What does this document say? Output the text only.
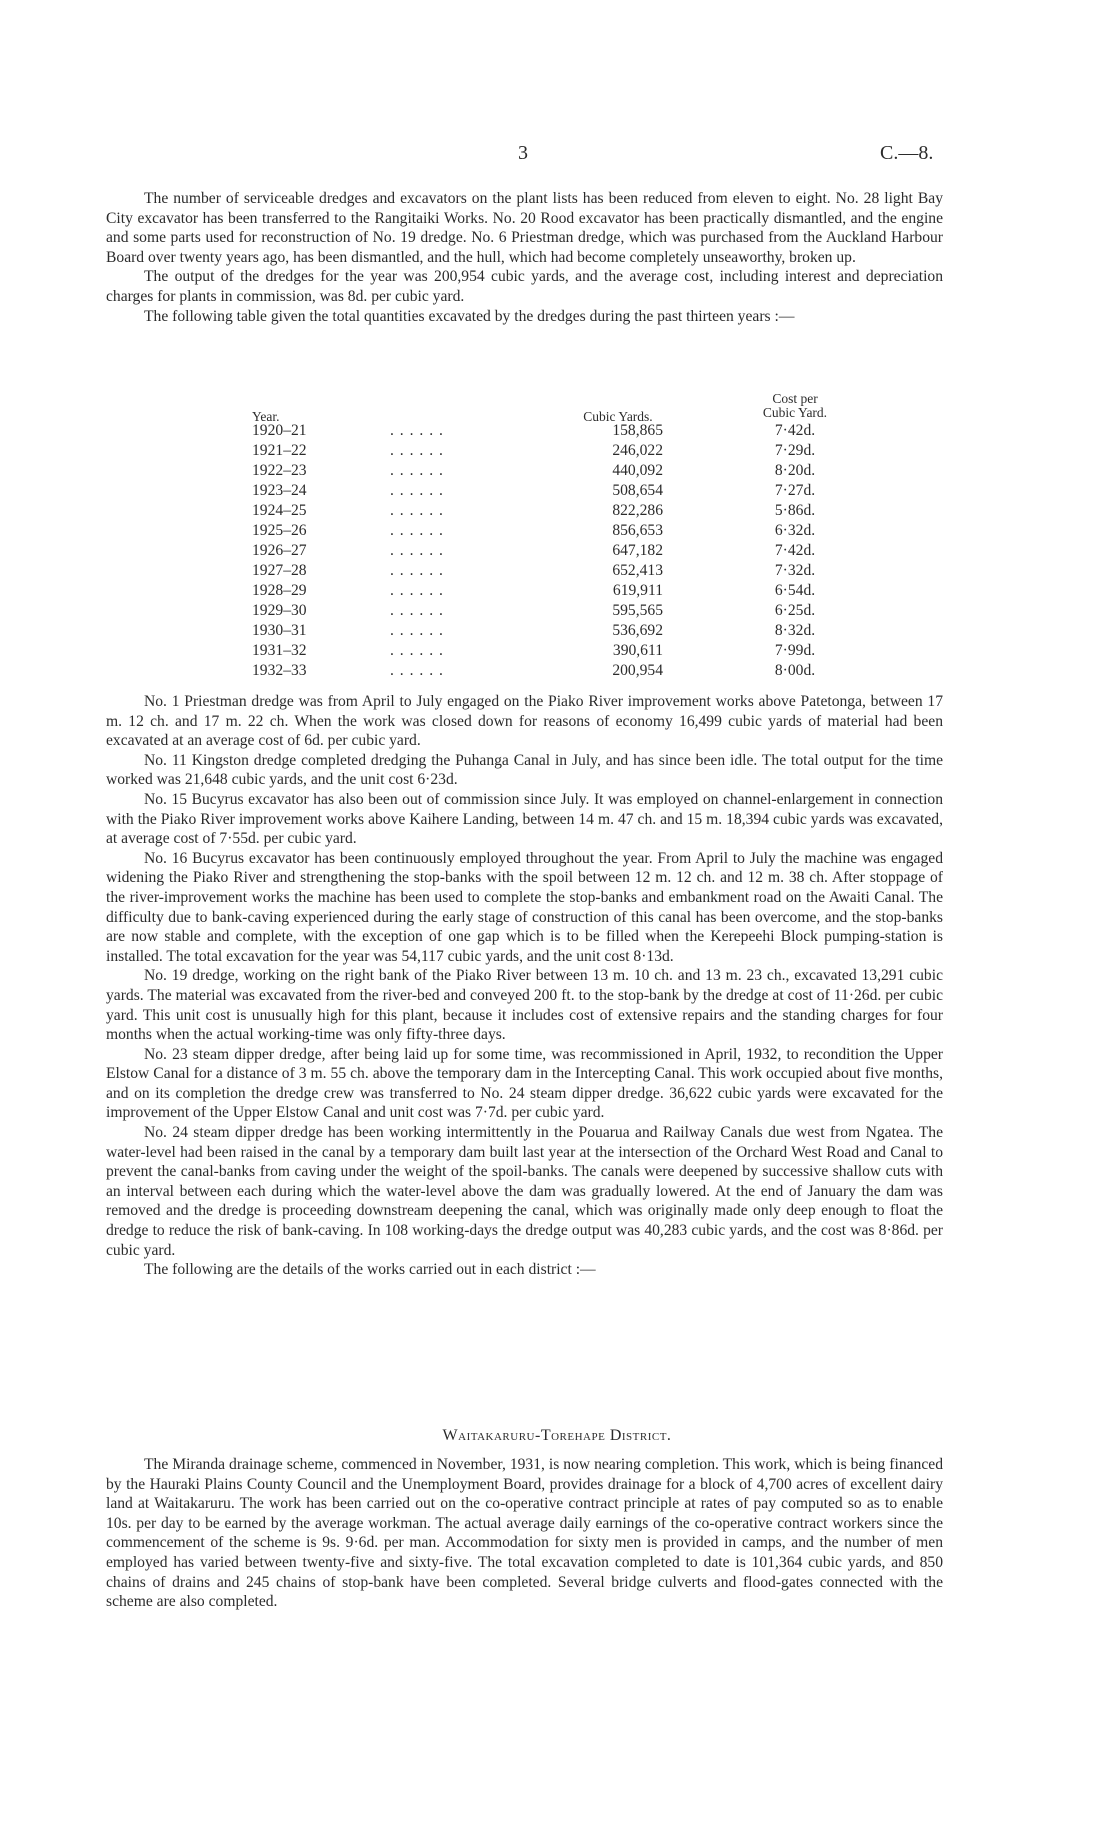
3	C.—8.

The number of serviceable dredges and excavators on the plant lists has been reduced from eleven to eight. No. 28 light Bay City excavator has been transferred to the Rangitaiki Works. No. 20 Rood excavator has been practically dismantled, and the engine and some parts used for reconstruction of No. 19 dredge. No. 6 Priestman dredge, which was purchased from the Auckland Harbour Board over twenty years ago, has been dismantled, and the hull, which had become completely unseaworthy, broken up.

The output of the dredges for the year was 200,954 cubic yards, and the average cost, including interest and depreciation charges for plants in commission, was 8d. per cubic yard.

The following table given the total quantities excavated by the dredges during the past thirteen years :—

Year.	Cubic Yards.
Cost per
Cubic Yard.
1920–21	. . . . . .	158,865	7·42d.
1921–22	. . . . . .	246,022	7·29d.
1922–23	. . . . . .	440,092	8·20d.
1923–24	. . . . . .	508,654	7·27d.
1924–25	. . . . . .	822,286	5·86d.
1925–26	. . . . . .	856,653	6·32d.
1926–27	. . . . . .	647,182	7·42d.
1927–28	. . . . . .	652,413	7·32d.
1928–29	. . . . . .	619,911	6·54d.
1929–30	. . . . . .	595,565	6·25d.
1930–31	. . . . . .	536,692	8·32d.
1931–32	. . . . . .	390,611	7·99d.
1932–33	. . . . . .	200,954	8·00d.

No. 1 Priestman dredge was from April to July engaged on the Piako River improvement works above Patetonga, between 17 m. 12 ch. and 17 m. 22 ch. When the work was closed down for reasons of economy 16,499 cubic yards of material had been excavated at an average cost of 6d. per cubic yard.

No. 11 Kingston dredge completed dredging the Puhanga Canal in July, and has since been idle. The total output for the time worked was 21,648 cubic yards, and the unit cost 6·23d.

No. 15 Bucyrus excavator has also been out of commission since July. It was employed on channel-enlargement in connection with the Piako River improvement works above Kaihere Landing, between 14 m. 47 ch. and 15 m. 18,394 cubic yards was excavated, at average cost of 7·55d. per cubic yard.

No. 16 Bucyrus excavator has been continuously employed throughout the year. From April to July the machine was engaged widening the Piako River and strengthening the stop-banks with the spoil between 12 m. 12 ch. and 12 m. 38 ch. After stoppage of the river-improvement works the machine has been used to complete the stop-banks and embankment road on the Awaiti Canal. The difficulty due to bank-caving experienced during the early stage of construction of this canal has been overcome, and the stop-banks are now stable and complete, with the exception of one gap which is to be filled when the Kerepeehi Block pumping-station is installed. The total excavation for the year was 54,117 cubic yards, and the unit cost 8·13d.

No. 19 dredge, working on the right bank of the Piako River between 13 m. 10 ch. and 13 m. 23 ch., excavated 13,291 cubic yards. The material was excavated from the river-bed and conveyed 200 ft. to the stop-bank by the dredge at cost of 11·26d. per cubic yard. This unit cost is unusually high for this plant, because it includes cost of extensive repairs and the standing charges for four months when the actual working-time was only fifty-three days.

No. 23 steam dipper dredge, after being laid up for some time, was recommissioned in April, 1932, to recondition the Upper Elstow Canal for a distance of 3 m. 55 ch. above the temporary dam in the Intercepting Canal. This work occupied about five months, and on its completion the dredge crew was transferred to No. 24 steam dipper dredge. 36,622 cubic yards were excavated for the improvement of the Upper Elstow Canal and unit cost was 7·7d. per cubic yard.

No. 24 steam dipper dredge has been working intermittently in the Pouarua and Railway Canals due west from Ngatea. The water-level had been raised in the canal by a temporary dam built last year at the intersection of the Orchard West Road and Canal to prevent the canal-banks from caving under the weight of the spoil-banks. The canals were deepened by successive shallow cuts with an interval between each during which the water-level above the dam was gradually lowered. At the end of January the dam was removed and the dredge is proceeding downstream deepening the canal, which was originally made only deep enough to float the dredge to reduce the risk of bank-caving. In 108 working-days the dredge output was 40,283 cubic yards, and the cost was 8·86d. per cubic yard.

The following are the details of the works carried out in each district :—

Waitakaruru-Torehape District.

The Miranda drainage scheme, commenced in November, 1931, is now nearing completion. This work, which is being financed by the Hauraki Plains County Council and the Unemployment Board, provides drainage for a block of 4,700 acres of excellent dairy land at Waitakaruru. The work has been carried out on the co-operative contract principle at rates of pay computed so as to enable 10s. per day to be earned by the average workman. The actual average daily earnings of the co-operative contract workers since the commencement of the scheme is 9s. 9·6d. per man. Accommodation for sixty men is provided in camps, and the number of men employed has varied between twenty-five and sixty-five. The total excavation completed to date is 101,364 cubic yards, and 850 chains of drains and 245 chains of stop-bank have been completed. Several bridge culverts and flood-gates connected with the scheme are also completed.
